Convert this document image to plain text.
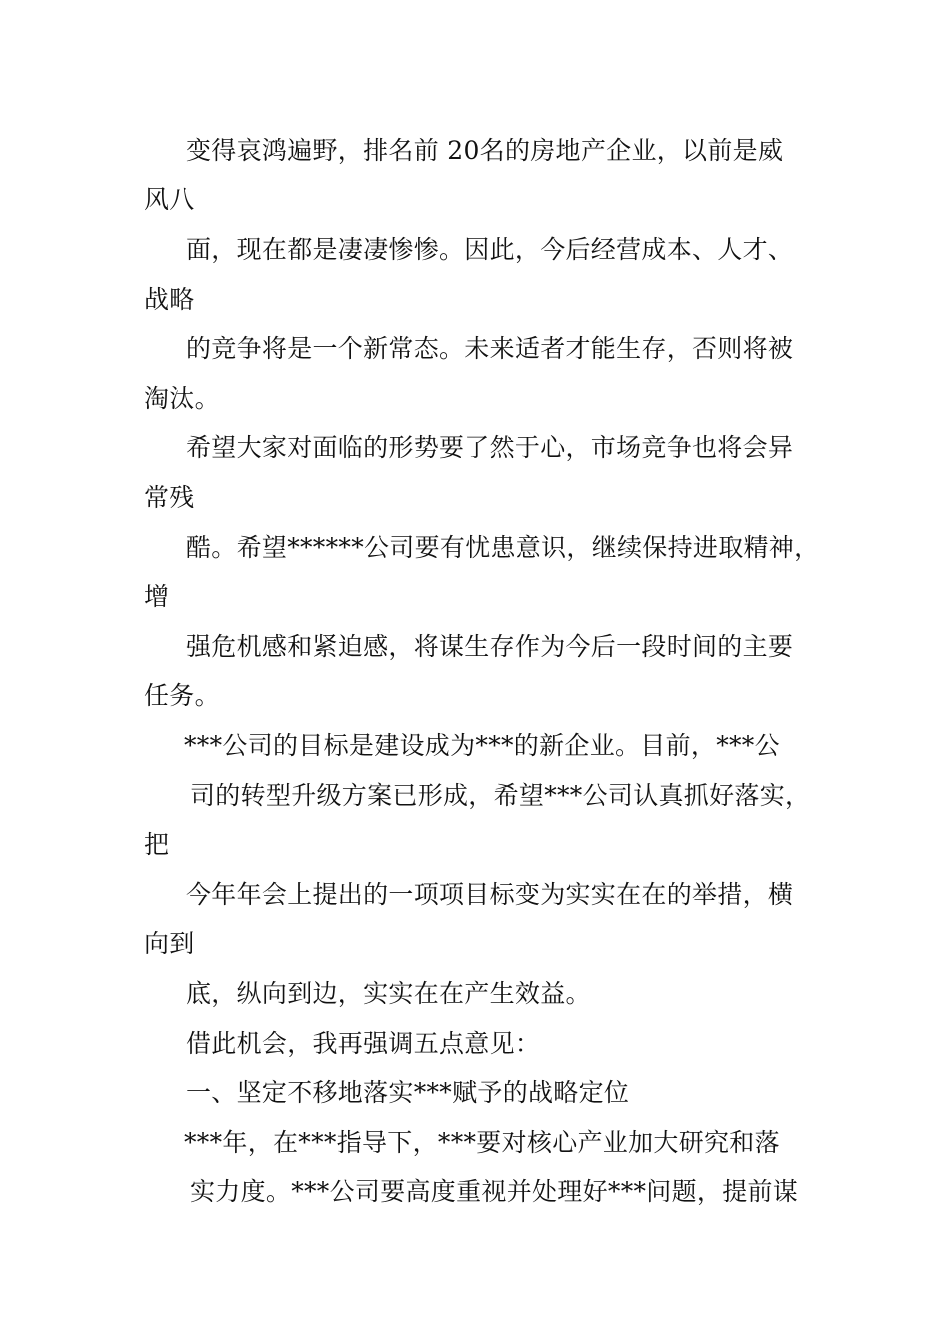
变得哀鸿遍野，排名前 20名的房地产企业，以前是威
风八
面，现在都是凄凄惨惨。因此，今后经营成本、人才、
战略
的竞争将是一个新常态。未来适者才能生存，否则将被
淘汰。
希望大家对面临的形势要了然于心，市场竞争也将会异
常残
酷。希望******公司要有忧患意识，继续保持进取精神，
增
强危机感和紧迫感，将谋生存作为今后一段时间的主要
任务。
***公司的目标是建设成为***的新企业。目前，***公
司的转型升级方案已形成，希望***公司认真抓好落实，
把
今年年会上提出的一项项目标变为实实在在的举措，横
向到
底，纵向到边，实实在在产生效益。
借此机会，我再强调五点意见：
一、坚定不移地落实***赋予的战略定位
***年，在***指导下，***要对核心产业加大研究和落
实力度。***公司要高度重视并处理好***问题，提前谋
